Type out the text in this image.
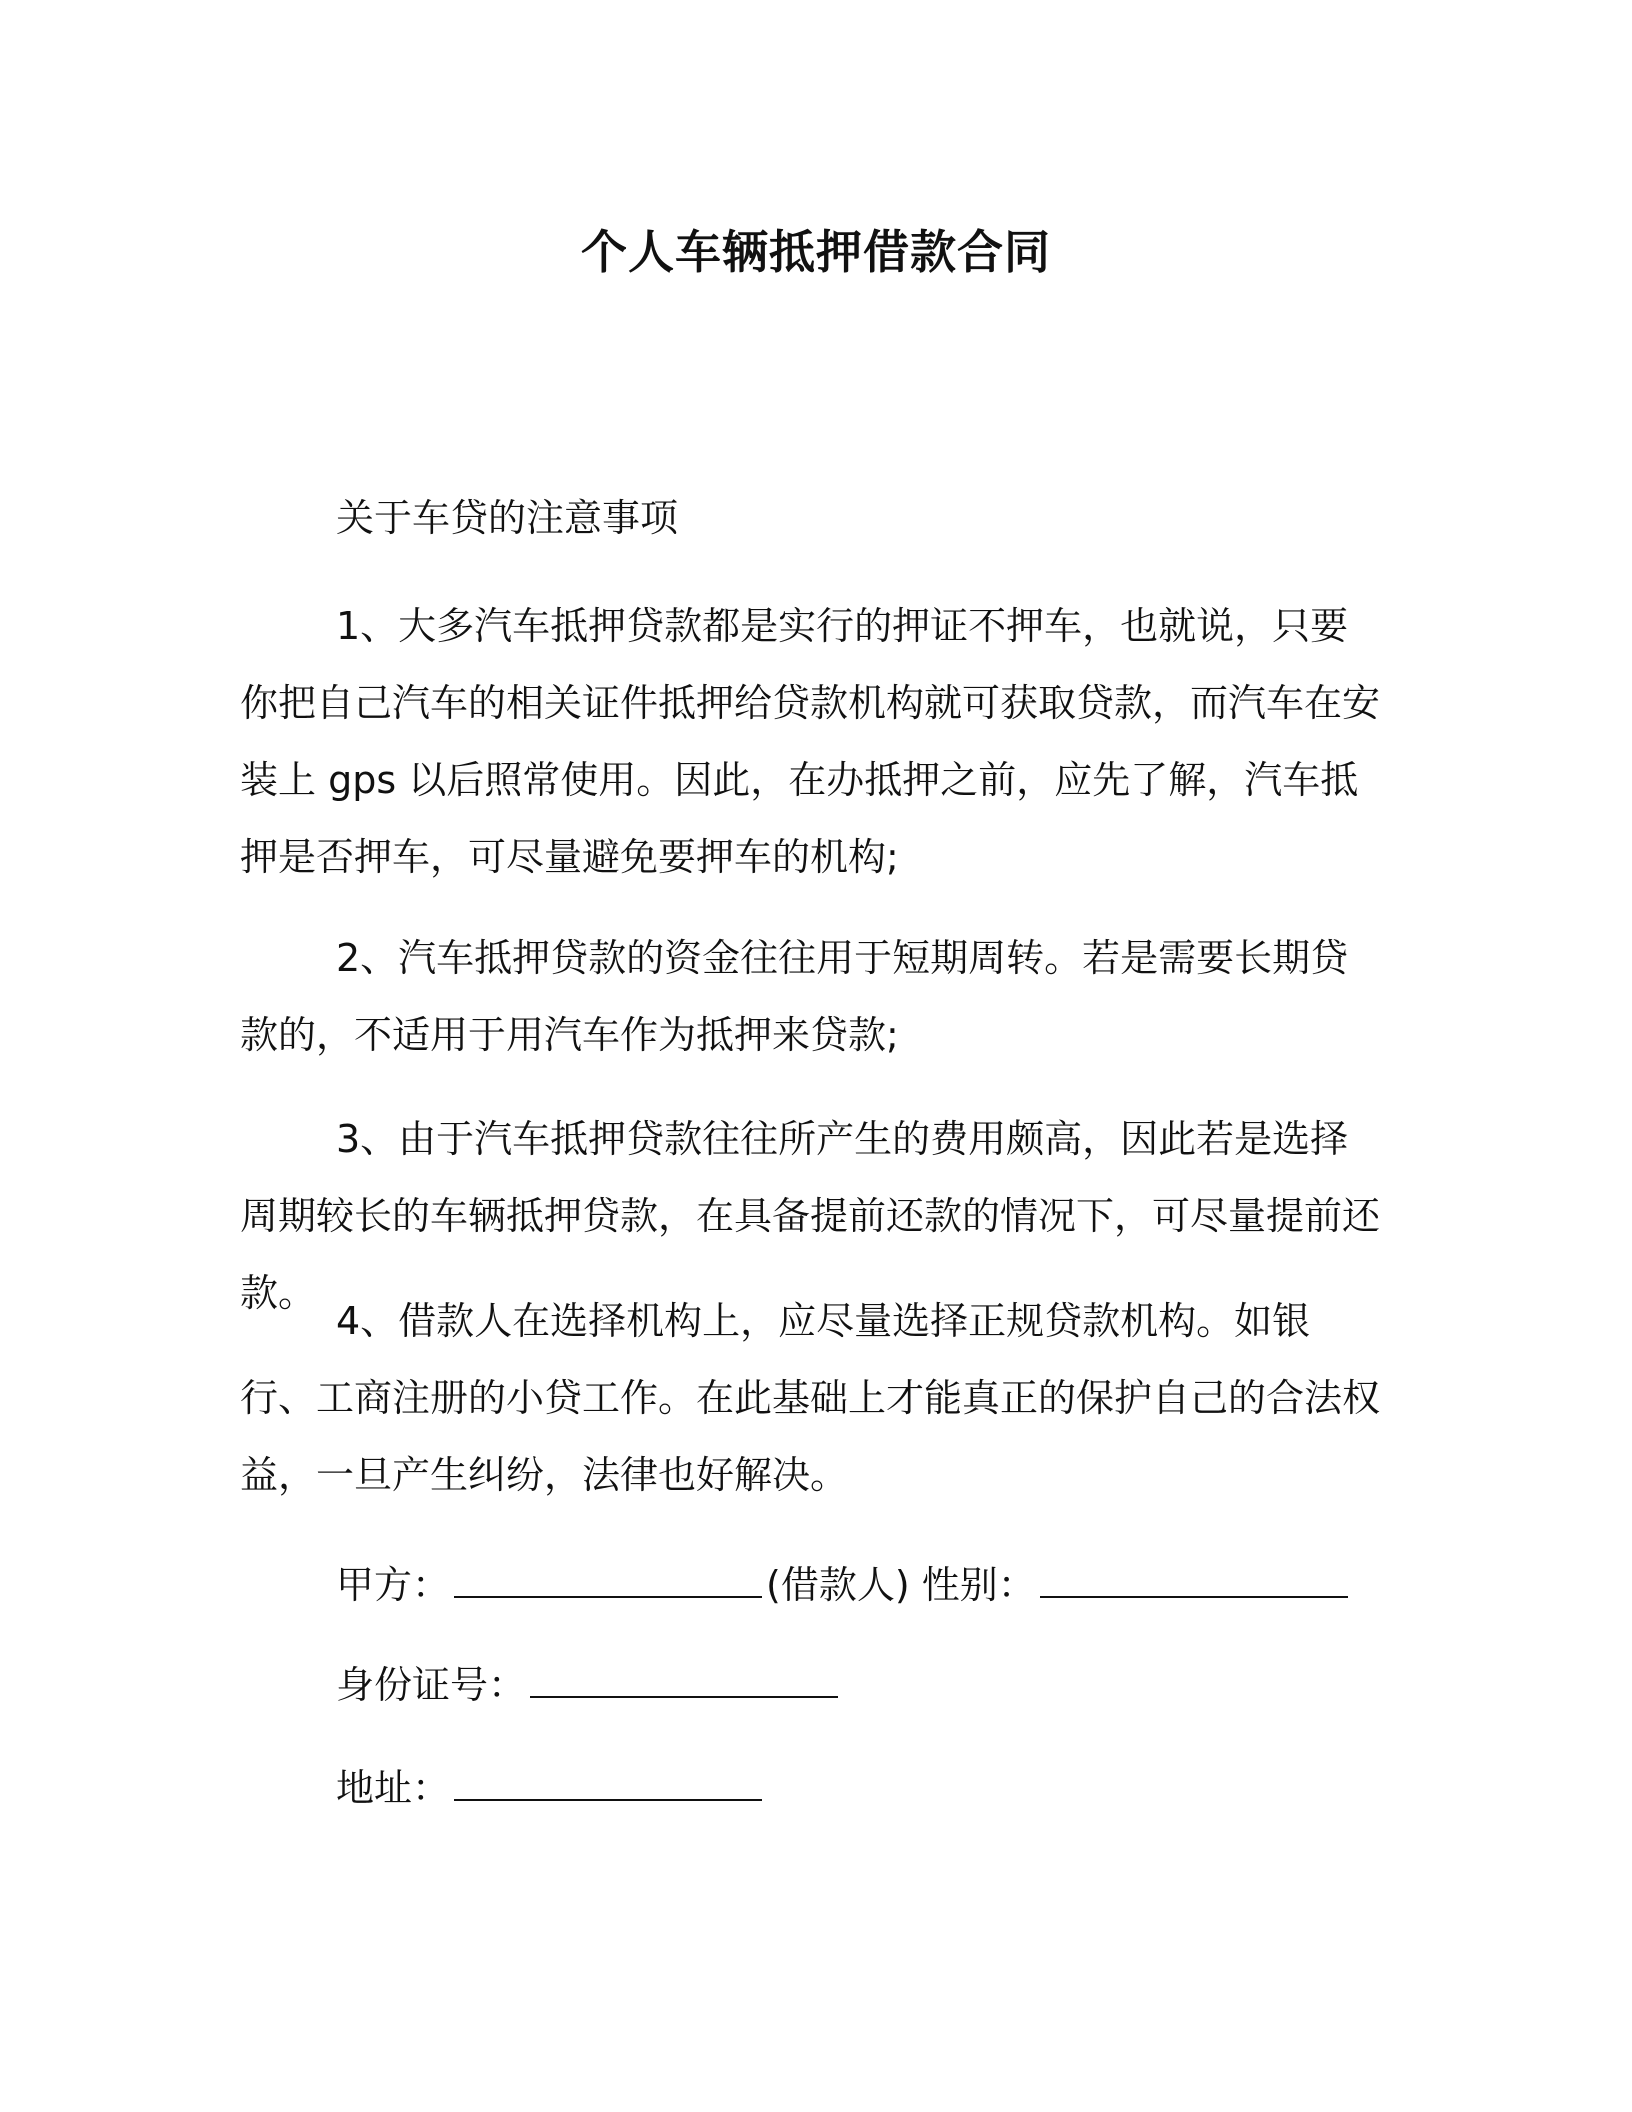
个人车辆抵押借款合同

关于车贷的注意事项

1、大多汽车抵押贷款都是实行的押证不押车，也就说，只要你把自己汽车的相关证件抵押给贷款机构就可获取贷款，而汽车在安装上 gps 以后照常使用。因此，在办抵押之前，应先了解，汽车抵押是否押车，可尽量避免要押车的机构;

2、汽车抵押贷款的资金往往用于短期周转。若是需要长期贷款的，不适用于用汽车作为抵押来贷款;

3、由于汽车抵押贷款往往所产生的费用颇高，因此若是选择周期较长的车辆抵押贷款，在具备提前还款的情况下，可尽量提前还款。

4、借款人在选择机构上，应尽量选择正规贷款机构。如银行、工商注册的小贷工作。在此基础上才能真正的保护自己的合法权益，一旦产生纠纷，法律也好解决。

甲方：	(借款人) 性别：
身份证号：
地址：
